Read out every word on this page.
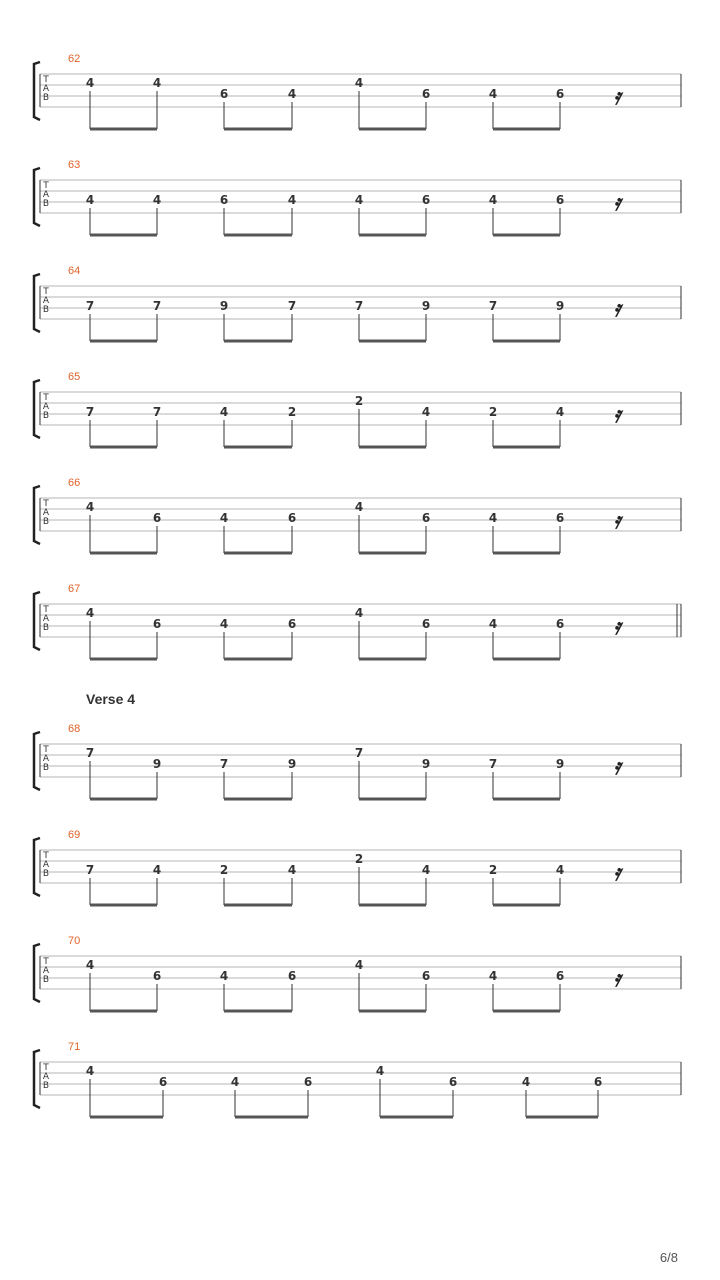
Verse 4
T
A
B
62
4	4
6	4
4
6	4	6 𝄿
T
A
B
63
4	4	6	4	4	6	4	6 𝄿
T
A
B
64
7	7	9	7	7	9	7	9 𝄿
T
A
B
65
7	7	4	2
2
4	2	4 𝄿
T
A
B
66
4
6	4	6
4
6	4	6 𝄿
T
A
B
67
4
6	4	6
4
6	4	6 𝄿
T
A
B
68
7
9	7	9
7
9	7	9 𝄿
T
A
B
69
7	4	2	4
2
4	2	4 𝄿
T
A
B
70
4
6	4	6
4
6	4	6 𝄿
T
A
B
71
4
6	4	6
4
6	4	6
6/8
